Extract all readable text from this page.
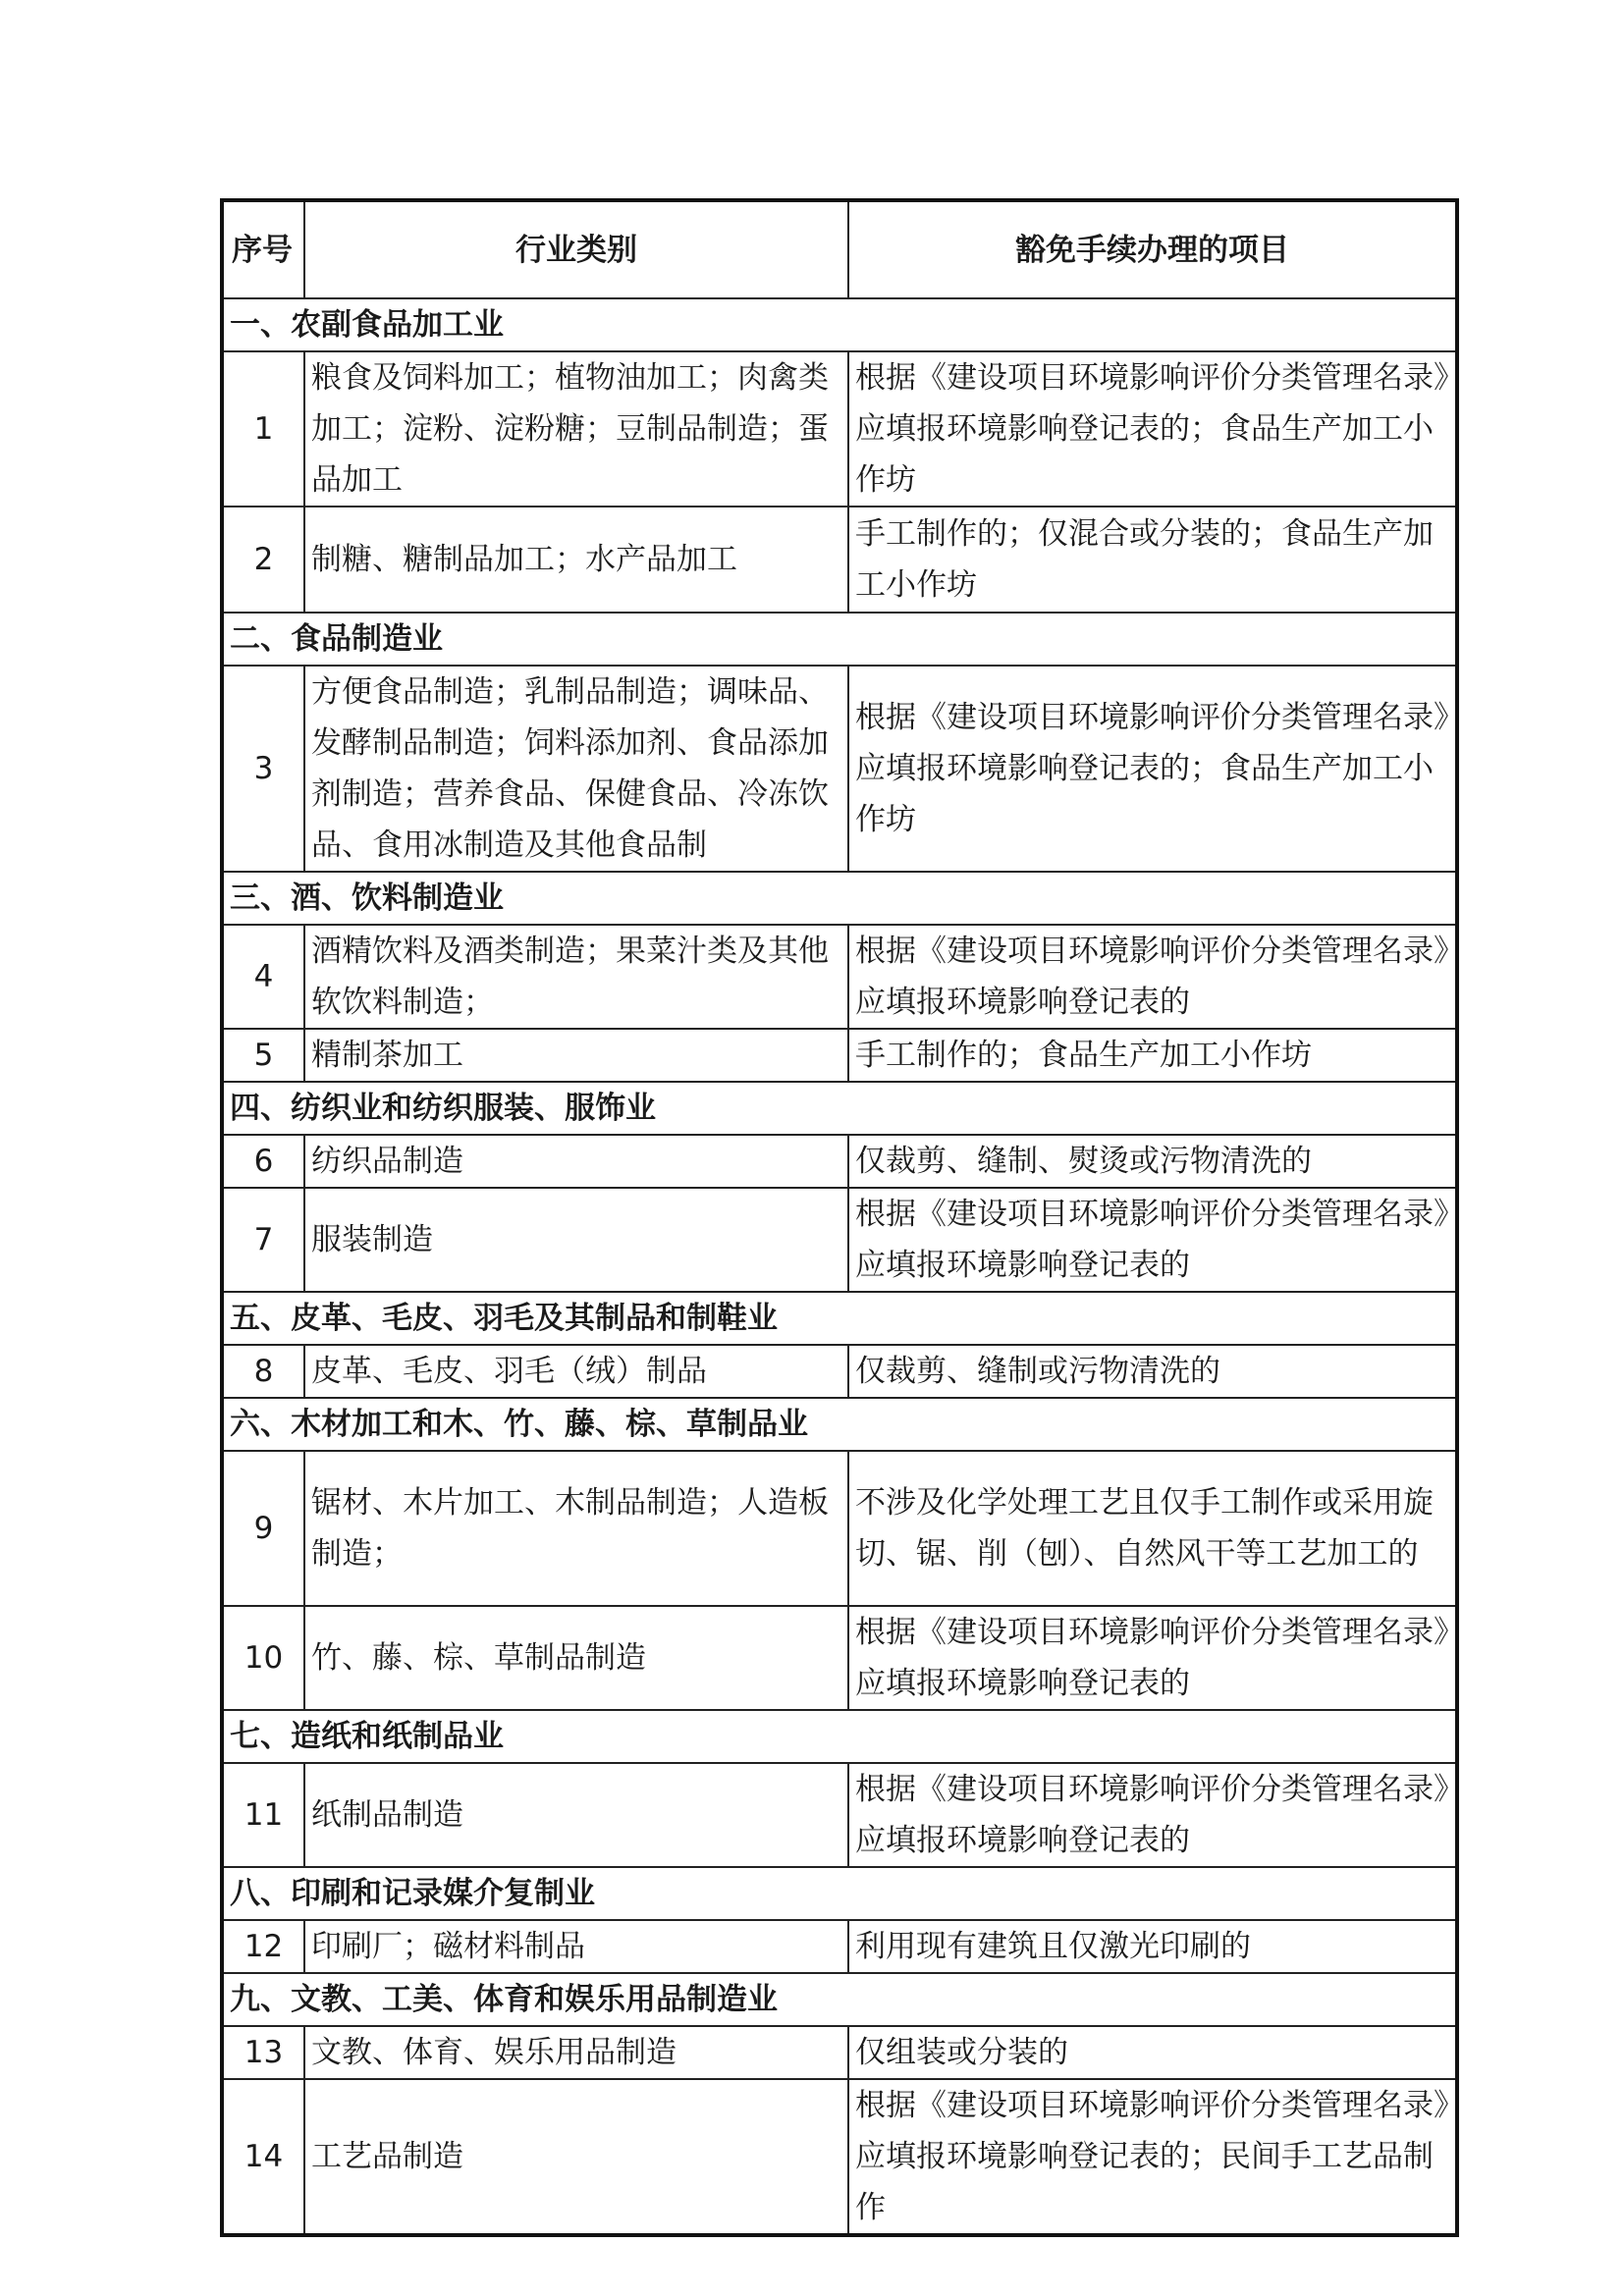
序号	行业类别	豁免手续办理的项目
一、农副食品加工业		
1	粮食及饲料加工；植物油加工；肉禽类加工；淀粉、淀粉糖；豆制品制造；蛋品加工	根据《建设项目环境影响评价分类管理名录》应填报环境影响登记表的；食品生产加工小作坊
2	制糖、糖制品加工；水产品加工	手工制作的；仅混合或分装的；食品生产加工小作坊
二、食品制造业		
3	方便食品制造；乳制品制造；调味品、发酵制品制造；饲料添加剂、食品添加剂制造；营养食品、保健食品、冷冻饮品、食用冰制造及其他食品制	根据《建设项目环境影响评价分类管理名录》应填报环境影响登记表的；食品生产加工小作坊
三、酒、饮料制造业		
4	酒精饮料及酒类制造；果菜汁类及其他软饮料制造；	根据《建设项目环境影响评价分类管理名录》应填报环境影响登记表的
5	精制茶加工	手工制作的；食品生产加工小作坊
四、纺织业和纺织服装、服饰业		
6	纺织品制造	仅裁剪、缝制、熨烫或污物清洗的
7	服装制造	根据《建设项目环境影响评价分类管理名录》应填报环境影响登记表的
五、皮革、毛皮、羽毛及其制品和制鞋业		
8	皮革、毛皮、羽毛（绒）制品	仅裁剪、缝制或污物清洗的
六、木材加工和木、竹、藤、棕、草制品业		
9	锯材、木片加工、木制品制造；人造板制造；	不涉及化学处理工艺且仅手工制作或采用旋切、锯、削（刨）、自然风干等工艺加工的
10	竹、藤、棕、草制品制造	根据《建设项目环境影响评价分类管理名录》应填报环境影响登记表的
七、造纸和纸制品业		
11	纸制品制造	根据《建设项目环境影响评价分类管理名录》应填报环境影响登记表的
八、印刷和记录媒介复制业		
12	印刷厂；磁材料制品	利用现有建筑且仅激光印刷的
九、文教、工美、体育和娱乐用品制造业		
13	文教、体育、娱乐用品制造	仅组装或分装的
14	工艺品制造	根据《建设项目环境影响评价分类管理名录》应填报环境影响登记表的；民间手工艺品制作
